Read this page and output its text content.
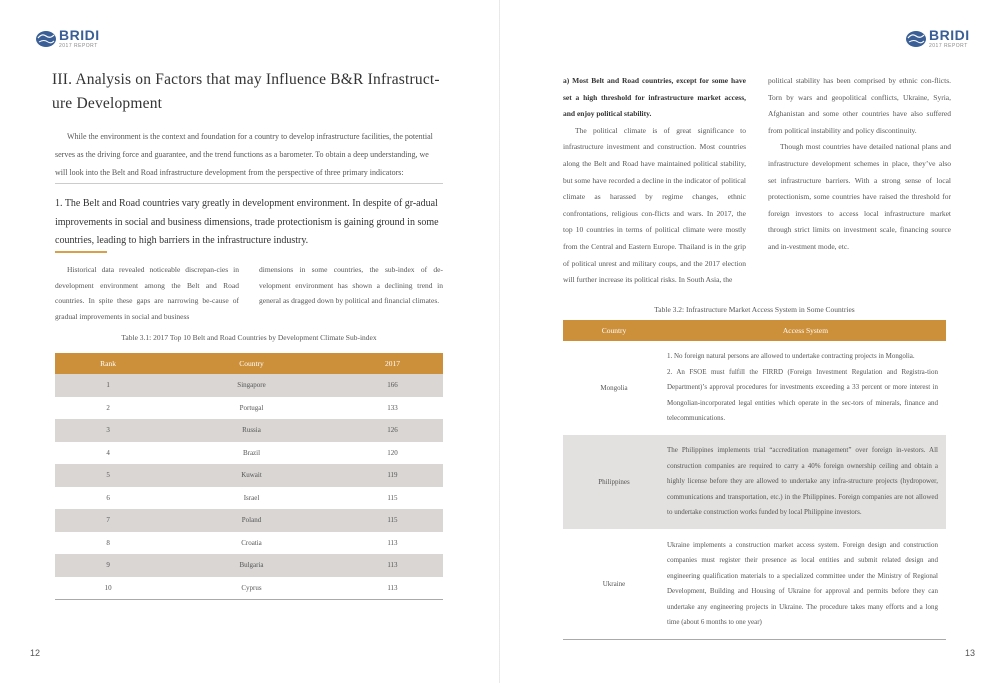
BRIDI
2017 REPORT
III. Analysis on Factors that may Influence B&R Infrastruct-ure Development

While the environment is the context and foundation for a country to develop infrastructure facilities, the potential serves as the driving force and guarantee, and the trend functions as a barometer. To obtain a deep understanding, we will look into the Belt and Road infrastructure development from the perspective of three primary indicators:

1. The Belt and Road countries vary greatly in development environment. In despite of gr-adual improvements in social and business dimensions, trade protectionism is gaining ground in some countries, leading to high barriers in the infrastructure industry.

Historical data revealed noticeable discrepan-cies in development environment among the Belt and Road countries. In spite these gaps are narrowing be-cause of gradual improvements in social and business

dimensions in some countries, the sub-index of de-velopment environment has shown a declining trend in general as dragged down by political and financial climates.

Table 3.1: 2017 Top 10 Belt and Road Countries by Development Climate Sub-index
Rank	Country	2017
1	Singapore	166
2	Portugal	133
3	Russia	126
4	Brazil	120
5	Kuwait	119
6	Israel	115
7	Poland	115
8	Croatia	113
9	Bulgaria	113
10	Cyprus	113
12
BRIDI
2017 REPORT
13

a) Most Belt and Road countries, except for some have set a high threshold for infrastructure market access, and enjoy political stability.

The political climate is of great significance to infrastructure investment and construction. Most countries along the Belt and Road have maintained political stability, but some have recorded a decline in the indicator of political climate as harassed by regime changes, ethnic confrontations, religious con-flicts and wars. In 2017, the top 10 countries in terms of political climate were mostly from the Central and Eastern Europe. Thailand is in the grip of political unrest and military coups, and the 2017 election will further increase its political risks. In South Asia, the

political stability has been comprised by ethnic con-flicts. Torn by wars and geopolitical conflicts, Ukraine, Syria, Afghanistan and some other countries have also suffered from political instability and policy discontinuity.

Though most countries have detailed national plans and infrastructure development schemes in place, they’ve also set infrastructure barriers. With a strong sense of local protectionism, some countries have raised the threshold for foreign investors to access local infrastructure market through strict limits on investment scale, financing source and in-vestment mode, etc.

Table 3.2: Infrastructure Market Access System in Some Countries
Country	Access System
Mongolia	1. No foreign natural persons are allowed to undertake contracting projects in Mongolia.

2. An FSOE must fulfill the FIRRD (Foreign Investment Regulation and Registra-tion Department)’s approval procedures for investments exceeding a 33 percent or more interest in Mongolian-incorporated legal entities which operate in the sec-tors of minerals, finance and telecommunications.

Philippines	The Philippines implements trial “accreditation management” over foreign in-vestors. All construction companies are required to carry a 40% foreign ownership ceiling and obtain a highly license before they are allowed to undertake any infra-structure projects (hydropower, communications and transportation, etc.) in the Philippines. Foreign companies are not allowed to undertake construction works funded by local Philippine investors.

Ukraine	Ukraine implements a construction market access system. Foreign design and construction companies must register their presence as local entities and submit related design and engineering qualification materials to a specialized committee under the Ministry of Regional Development, Building and Housing of Ukraine for approval and permits before they can undertake any engineering projects in Ukraine. The procedure takes many efforts and a long time (about 6 months to one year)
